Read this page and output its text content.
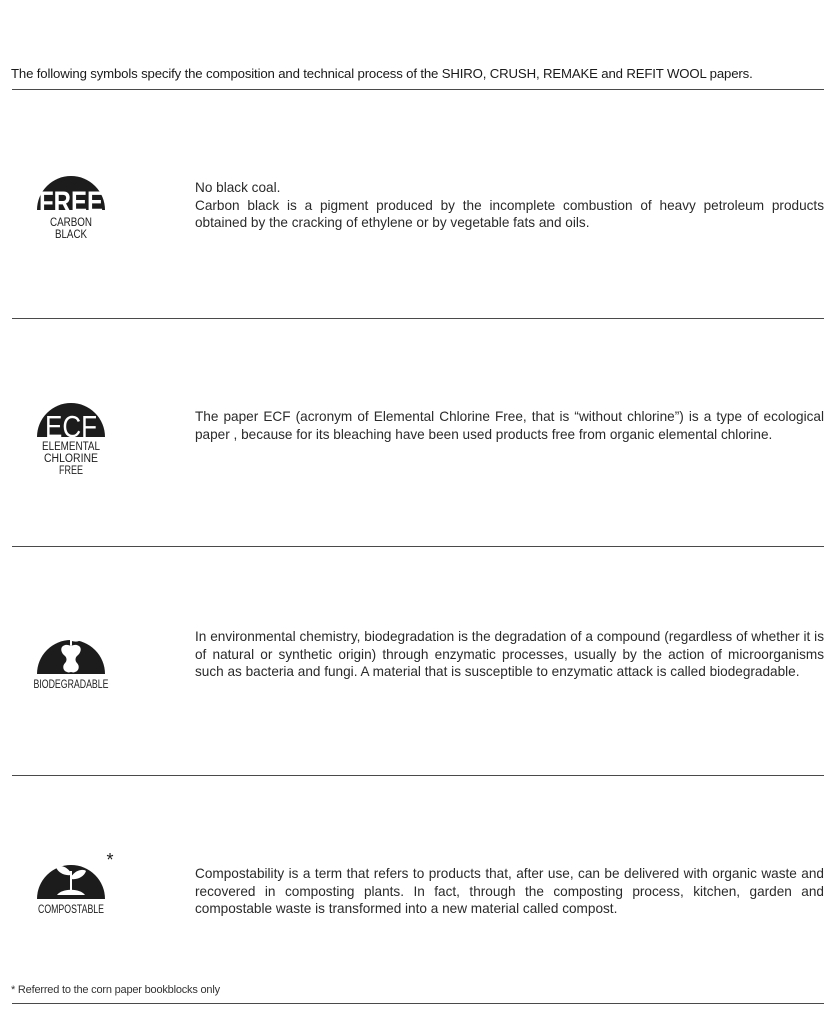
The following symbols specify the composition and technical process of the SHIRO, CRUSH, REMAKE and REFIT WOOL papers.
FREE
CARBON
BLACK

No black coal.

Carbon black is a pigment produced by the incomplete combustion of heavy petroleum products obtained by the cracking of ethylene or by vegetable fats and oils.

ECF
ELEMENTAL
CHLORINE
FREE

The paper ECF (acronym of Elemental Chlorine Free, that is “without chlorine”) is a type of ecological paper , because for its bleaching have been used products free from organic elemental chlorine.

BIODEGRADABLE

In environmental chemistry, biodegradation is the degradation of a compound (regardless of whether it is of natural or synthetic origin) through enzymatic processes, usually by the action of microorganisms such as bacteria and fungi. A material that is susceptible to enzymatic attack is called biodegradable.

*
COMPOSTABLE

Compostability is a term that refers to products that, after use, can be delivered with organic waste and recovered in composting plants. In fact, through the composting process, kitchen, garden and compostable waste is transformed into a new material called compost.

* Referred to the corn paper bookblocks only
